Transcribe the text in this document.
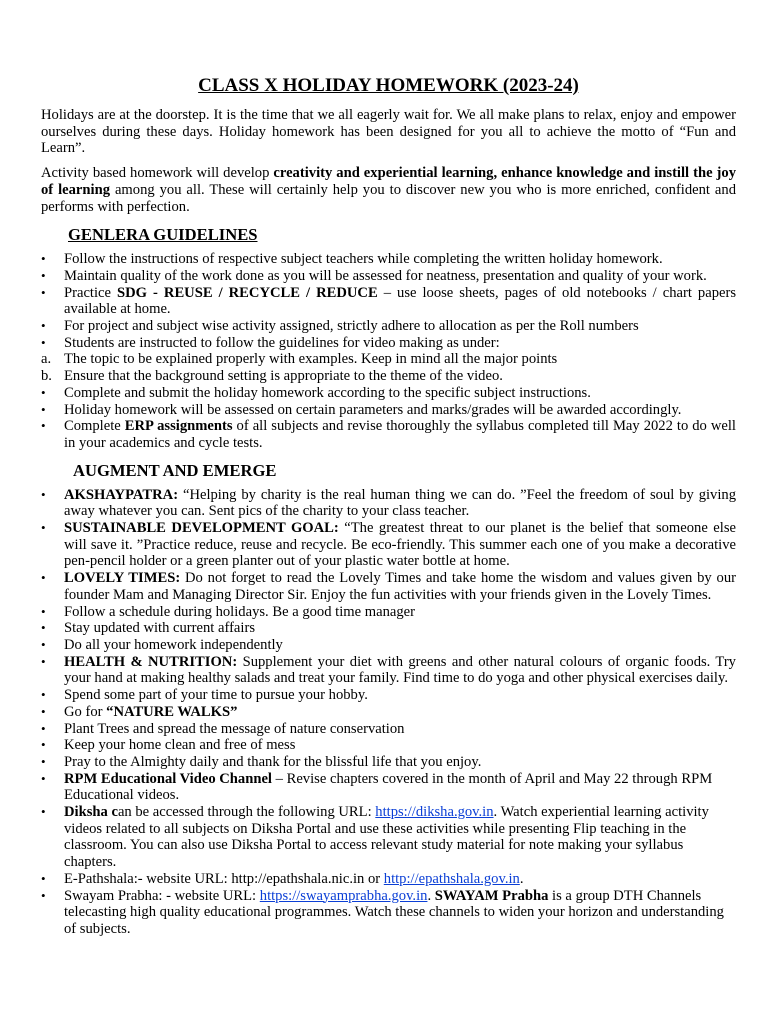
CLASS X HOLIDAY HOMEWORK (2023-24)

Holidays are at the doorstep. It is the time that we all eagerly wait for. We all make plans to relax, enjoy and empower ourselves during these days. Holiday homework has been designed for you all to achieve the motto of “Fun and Learn”.

Activity based homework will develop creativity and experiential learning, enhance knowledge and instill the joy of learning among you all. These will certainly help you to discover new you who is more enriched, confident and performs with perfection.

GENLERA GUIDELINES
•	Follow the instructions of respective subject teachers while completing the written holiday homework.
•	Maintain quality of the work done as you will be assessed for neatness, presentation and quality of your work.
•	Practice SDG - REUSE / RECYCLE / REDUCE – use loose sheets, pages of old notebooks / chart papers available at home.
•	For project and subject wise activity assigned, strictly adhere to allocation as per the Roll numbers
•	Students are instructed to follow the guidelines for video making as under:
a. The topic to be explained properly with examples. Keep in mind all the major points
b. Ensure that the background setting is appropriate to the theme of the video.
•	Complete and submit the holiday homework according to the specific subject instructions.
•	Holiday homework will be assessed on certain parameters and marks/grades will be awarded accordingly.
•	Complete ERP assignments of all subjects and revise thoroughly the syllabus completed till May 2022 to do well in your academics and cycle tests.
AUGMENT AND EMERGE
•	AKSHAYPATRA: “Helping by charity is the real human thing we can do. ”Feel the freedom of soul by giving away whatever you can. Sent pics of the charity to your class teacher.
•	SUSTAINABLE DEVELOPMENT GOAL: “The greatest threat to our planet is the belief that someone else will save it. ”Practice reduce, reuse and recycle. Be eco-friendly. This summer each one of you make a decorative pen-pencil holder or a green planter out of your plastic water bottle at home.
•	LOVELY TIMES: Do not forget to read the Lovely Times and take home the wisdom and values given by our founder Mam and Managing Director Sir. Enjoy the fun activities with your friends given in the Lovely Times.
•	Follow a schedule during holidays. Be a good time manager
•	Stay updated with current affairs
•	Do all your homework independently
•	HEALTH & NUTRITION: Supplement your diet with greens and other natural colours of organic foods. Try your hand at making healthy salads and treat your family. Find time to do yoga and other physical exercises daily.
•	Spend some part of your time to pursue your hobby.
•	Go for “NATURE WALKS”
•	Plant Trees and spread the message of nature conservation
•	Keep your home clean and free of mess
•	Pray to the Almighty daily and thank for the blissful life that you enjoy.
•	RPM Educational Video Channel – Revise chapters covered in the month of April and May 22 through RPM Educational videos.
•	Diksha can be accessed through the following URL: https://diksha.gov.in. Watch experiential learning activity videos related to all subjects on Diksha Portal and use these activities while presenting Flip teaching in the classroom. You can also use Diksha Portal to access relevant study material for note making your syllabus chapters.
•	E-Pathshala:- website URL: http://epathshala.nic.in or http://epathshala.gov.in.
•	Swayam Prabha: - website URL: https://swayamprabha.gov.in. SWAYAM Prabha is a group DTH Channels telecasting high quality educational programmes. Watch these channels to widen your horizon and understanding of subjects.
